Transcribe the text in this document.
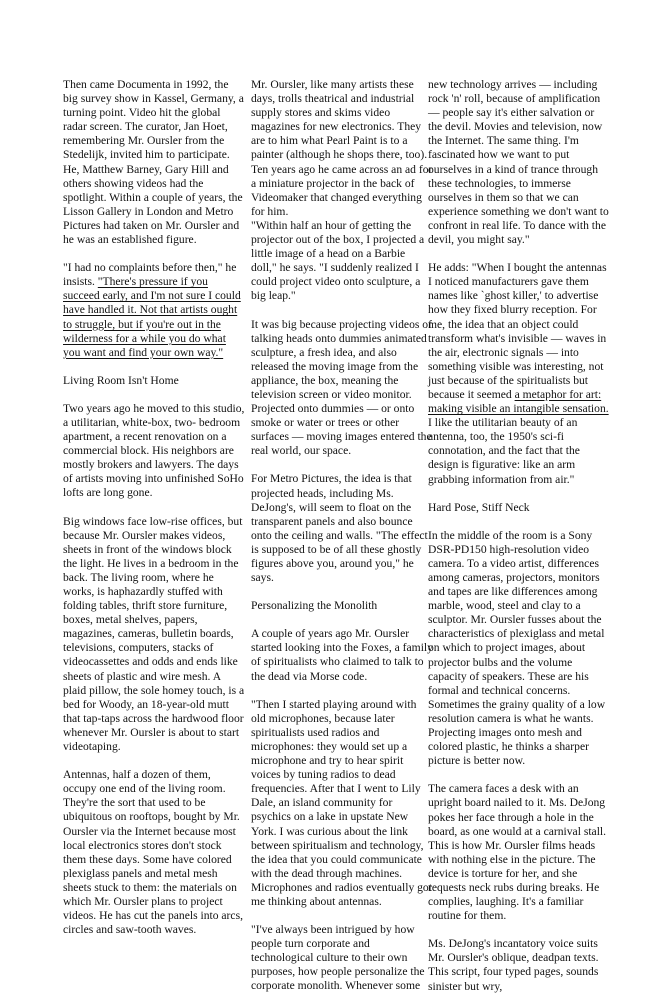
Then came Documenta in 1992, the big survey show in Kassel, Germany, a turning point. Video hit the global radar screen. The curator, Jan Hoet, remembering Mr. Oursler from the Stedelijk, invited him to participate. He, Matthew Barney, Gary Hill and others showing videos had the spotlight. Within a couple of years, the Lisson Gallery in London and Metro Pictures had taken on Mr. Oursler and he was an established figure.

"I had no complaints before then," he insists. "There's pressure if you succeed early, and I'm not sure I could have handled it. Not that artists ought to struggle, but if you're out in the wilderness for a while you do what you want and find your own way."

Living Room Isn't Home

Two years ago he moved to this studio, a utilitarian, white-box, two- bedroom apartment, a recent renovation on a commercial block. His neighbors are mostly brokers and lawyers. The days of artists moving into unfinished SoHo lofts are long gone.

Big windows face low-rise offices, but because Mr. Oursler makes videos, sheets in front of the windows block the light. He lives in a bedroom in the back. The living room, where he works, is haphazardly stuffed with folding tables, thrift store furniture, boxes, metal shelves, papers, magazines, cameras, bulletin boards, televisions, computers, stacks of videocassettes and odds and ends like sheets of plastic and wire mesh. A plaid pillow, the sole homey touch, is a bed for Woody, an 18-year-old mutt that tap-taps across the hardwood floor whenever Mr. Oursler is about to start videotaping.

Antennas, half a dozen of them, occupy one end of the living room. They're the sort that used to be ubiquitous on rooftops, bought by Mr. Oursler via the Internet because most local electronics stores don't stock them these days. Some have colored plexiglass panels and metal mesh sheets stuck to them: the materials on which Mr. Oursler plans to project videos. He has cut the panels into arcs, circles and saw-tooth waves.

Mr. Oursler, like many artists these days, trolls theatrical and industrial supply stores and skims video magazines for new electronics. They are to him what Pearl Paint is to a painter (although he shops there, too). Ten years ago he came across an ad for a miniature projector in the back of Videomaker that changed everything for him.

"Within half an hour of getting the projector out of the box, I projected a little image of a head on a Barbie doll," he says. "I suddenly realized I could project video onto sculpture, a big leap."

It was big because projecting videos of talking heads onto dummies animated sculpture, a fresh idea, and also released the moving image from the appliance, the box, meaning the television screen or video monitor. Projected onto dummies — or onto smoke or water or trees or other surfaces — moving images entered the real world, our space.

For Metro Pictures, the idea is that projected heads, including Ms. DeJong's, will seem to float on the transparent panels and also bounce onto the ceiling and walls. "The effect is supposed to be of all these ghostly figures above you, around you," he says.

Personalizing the Monolith

A couple of years ago Mr. Oursler started looking into the Foxes, a family of spiritualists who claimed to talk to the dead via Morse code.

"Then I started playing around with old microphones, because later spiritualists used radios and microphones: they would set up a microphone and try to hear spirit voices by tuning radios to dead frequencies. After that I went to Lily Dale, an island community for psychics on a lake in upstate New York. I was curious about the link between spiritualism and technology, the idea that you could communicate with the dead through machines. Microphones and radios eventually got me thinking about antennas.

"I've always been intrigued by how people turn corporate and technological culture to their own purposes, how people personalize the corporate monolith. Whenever some

new technology arrives — including rock 'n' roll, because of amplification — people say it's either salvation or the devil. Movies and television, now the Internet. The same thing. I'm fascinated how we want to put ourselves in a kind of trance through these technologies, to immerse ourselves in them so that we can experience something we don't want to confront in real life. To dance with the devil, you might say."

He adds: "When I bought the antennas I noticed manufacturers gave them names like `ghost killer,' to advertise how they fixed blurry reception. For me, the idea that an object could transform what's invisible — waves in the air, electronic signals — into something visible was interesting, not just because of the spiritualists but because it seemed a metaphor for art: making visible an intangible sensation. I like the utilitarian beauty of an antenna, too, the 1950's sci-fi connotation, and the fact that the design is figurative: like an arm grabbing information from air."

Hard Pose, Stiff Neck

In the middle of the room is a Sony DSR-PD150 high-resolution video camera. To a video artist, differences among cameras, projectors, monitors and tapes are like differences among marble, wood, steel and clay to a sculptor. Mr. Oursler fusses about the characteristics of plexiglass and metal on which to project images, about projector bulbs and the volume capacity of speakers. These are his formal and technical concerns. Sometimes the grainy quality of a low resolution camera is what he wants. Projecting images onto mesh and colored plastic, he thinks a sharper picture is better now.

The camera faces a desk with an upright board nailed to it. Ms. DeJong pokes her face through a hole in the board, as one would at a carnival stall. This is how Mr. Oursler films heads with nothing else in the picture. The device is torture for her, and she requests neck rubs during breaks. He complies, laughing. It's a familiar routine for them.

Ms. DeJong's incantatory voice suits Mr. Oursler's oblique, deadpan texts. This script, four typed pages, sounds sinister but wry,
